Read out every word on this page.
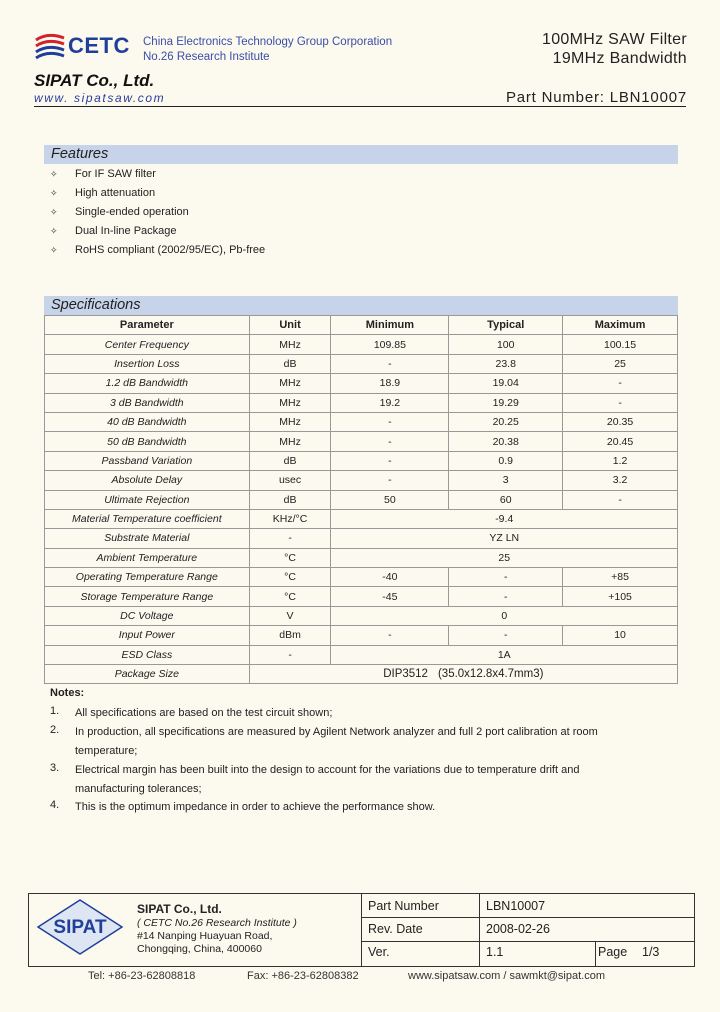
CETC China Electronics Technology Group Corporation
No.26 Research Institute
100MHz SAW Filter
19MHz Bandwidth
SIPAT Co., Ltd.
www. sipatsaw.com	Part Number: LBN10007
Features
✧ For IF SAW filter
✧ High attenuation
✧ Single-ended operation
✧ Dual In-line Package
✧ RoHS compliant (2002/95/EC), Pb-free
Specifications
Parameter	Unit	Minimum	Typical	Maximum
Center Frequency	MHz	109.85	100	100.15
Insertion Loss	dB	-	23.8	25
1.2 dB Bandwidth	MHz	18.9	19.04	-
3 dB Bandwidth	MHz	19.2	19.29	-
40 dB Bandwidth	MHz	-	20.25	20.35
50 dB Bandwidth	MHz	-	20.38	20.45
Passband Variation	dB	-	0.9	1.2
Absolute Delay	usec	-	3	3.2
Ultimate Rejection	dB	50	60	-
Material Temperature coefficient	KHz/°C	-9.4		
Substrate Material	-	YZ LN		
Ambient Temperature	°C	25		
Operating Temperature Range	°C	-40	-	+85
Storage Temperature Range	°C	-45	-	+105
DC Voltage	V	0		
Input Power	dBm	-	-	10
ESD Class	-	1A		
Package Size	DIP3512 (35.0x12.8x4.7mm3)			
Notes:
1. All specifications are based on the test circuit shown;
2. In production, all specifications are measured by Agilent Network analyzer and full 2 port calibration at room
temperature;
3. Electrical margin has been built into the design to account for the variations due to temperature drift and
manufacturing tolerances;
4. This is the optimum impedance in order to achieve the performance show.
SIPAT
SIPAT Co., Ltd.
( CETC No.26 Research Institute )
#14 Nanping Huayuan Road,
Chongqing, China, 400060
Part Number	LBN10007
Rev. Date	2008-02-26
Ver.	1.1	Page 1/3
Tel: +86-23-62808818	Fax: +86-23-62808382	www.sipatsaw.com / sawmkt@sipat.com
